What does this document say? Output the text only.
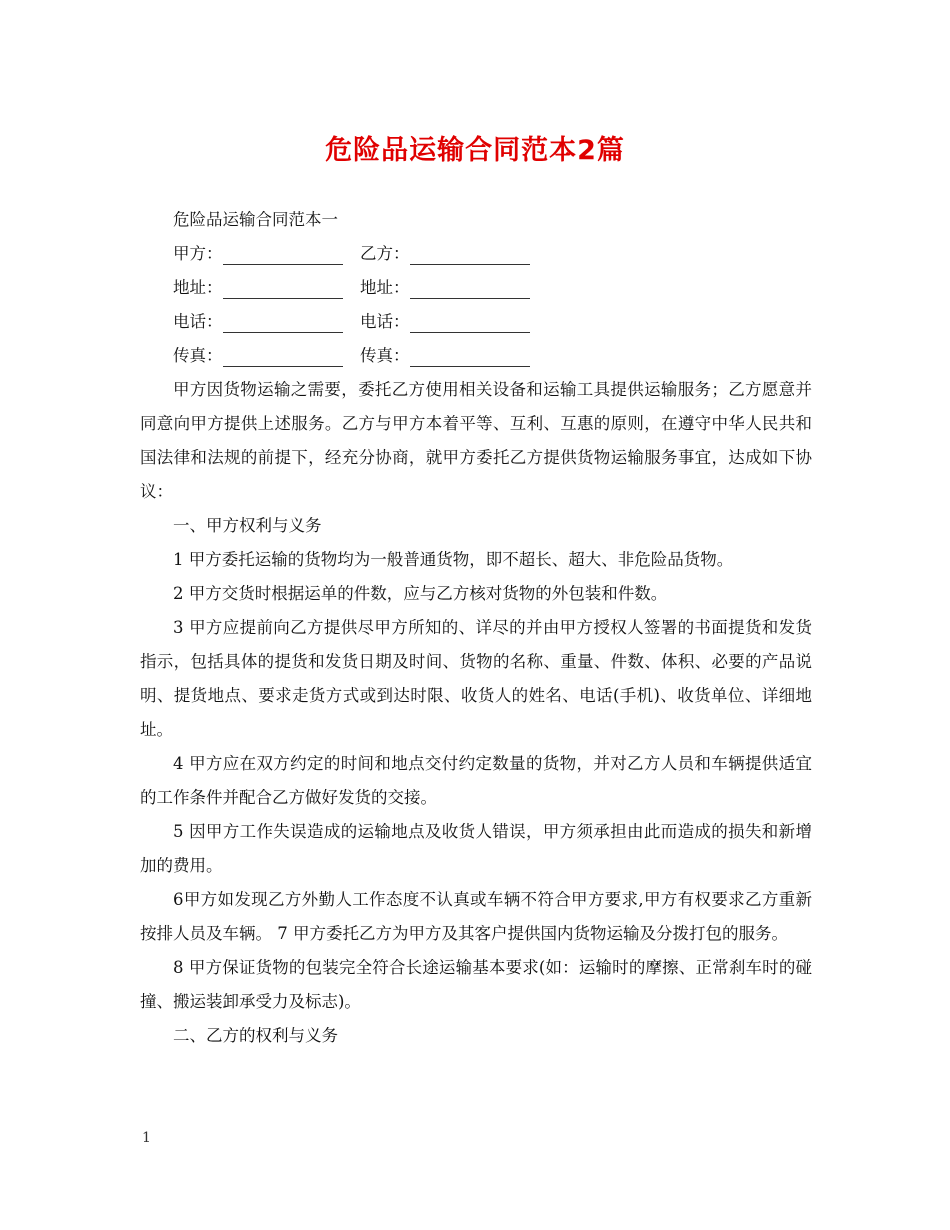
危险品运输合同范本2篇

危险品运输合同范本一

甲方：	乙方：

地址：	地址：

电话：	电话：

传真：	传真：

甲方因货物运输之需要，委托乙方使用相关设备和运输工具提供运输服务；乙方愿意并同意向甲方提供上述服务。乙方与甲方本着平等、互利、互惠的原则，在遵守中华人民共和国法律和法规的前提下，经充分协商，就甲方委托乙方提供货物运输服务事宜，达成如下协议：

一、甲方权利与义务

1 甲方委托运输的货物均为一般普通货物，即不超长、超大、非危险品货物。

2 甲方交货时根据运单的件数，应与乙方核对货物的外包装和件数。

3 甲方应提前向乙方提供尽甲方所知的、详尽的并由甲方授权人签署的书面提货和发货指示，包括具体的提货和发货日期及时间、货物的名称、重量、件数、体积、必要的产品说明、提货地点、要求走货方式或到达时限、收货人的姓名、电话(手机)、收货单位、详细地址。

4 甲方应在双方约定的时间和地点交付约定数量的货物，并对乙方人员和车辆提供适宜的工作条件并配合乙方做好发货的交接。

5 因甲方工作失误造成的运输地点及收货人错误，甲方须承担由此而造成的损失和新增加的费用。

6甲方如发现乙方外勤人工作态度不认真或车辆不符合甲方要求,甲方有权要求乙方重新按排人员及车辆。 7 甲方委托乙方为甲方及其客户提供国内货物运输及分拨打包的服务。

8 甲方保证货物的包装完全符合长途运输基本要求(如：运输时的摩擦、正常刹车时的碰撞、搬运装卸承受力及标志)。

二、乙方的权利与义务

1
